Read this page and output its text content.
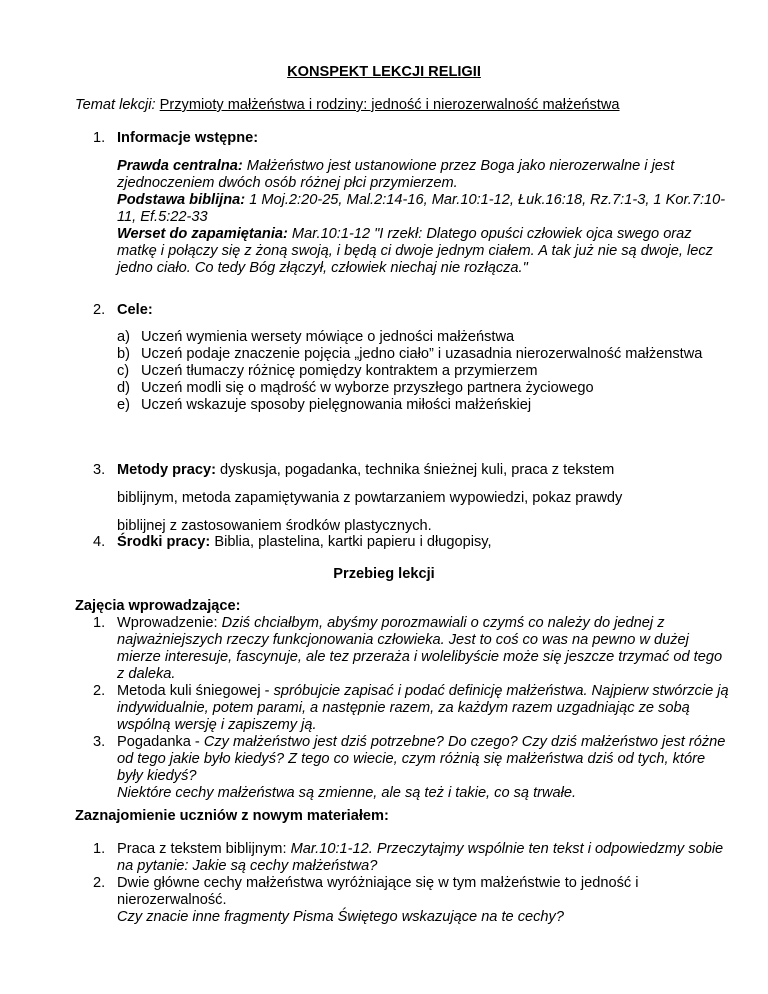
KONSPEKT LEKCJI RELIGII
Temat lekcji: Przymioty małżeństwa i rodziny: jedność i nierozerwalność małżeństwa
1. Informacje wstępne:
Prawda centralna: Małżeństwo jest ustanowione przez Boga jako nierozerwalne i jest zjednoczeniem dwóch osób różnej płci przymierzem.
Podstawa biblijna: 1 Moj.2:20-25, Mal.2:14-16, Mar.10:1-12, Łuk.16:18, Rz.7:1-3, 1 Kor.7:10-11, Ef.5:22-33
Werset do zapamiętania: Mar.10:1-12 "I rzekł: Dlatego opuści człowiek ojca swego oraz matkę i połączy się z żoną swoją, i będą ci dwoje jednym ciałem. A tak już nie są dwoje, lecz jedno ciało. Co tedy Bóg złączył, człowiek niechaj nie rozłącza."
2. Cele:
a) Uczeń wymienia wersety mówiące o jedności małżeństwa
b) Uczeń podaje znaczenie pojęcia „jedno ciało” i uzasadnia nierozerwalność małżenstwa
c) Uczeń tłumaczy różnicę pomiędzy kontraktem a przymierzem
d) Uczeń modli się o mądrość w wyborze przyszłego partnera życiowego
e) Uczeń wskazuje sposoby pielęgnowania miłości małżeńskiej
3. Metody pracy: dyskusja, pogadanka, technika śnieżnej kuli, praca z tekstem
biblijnym, metoda zapamiętywania z powtarzaniem wypowiedzi, pokaz prawdy
biblijnej z zastosowaniem środków plastycznych.
4. Środki pracy: Biblia, plastelina, kartki papieru i długopisy,
Przebieg lekcji
Zajęcia wprowadzające:
1. Wprowadzenie: Dziś chciałbym, abyśmy porozmawiali o czymś co należy do jednej z najważniejszych rzeczy funkcjonowania człowieka. Jest to coś co was na pewno w dużej mierze interesuje, fascynuje, ale tez przeraża i wolelibyście może się jeszcze trzymać od tego z daleka.
2. Metoda kuli śniegowej - spróbujcie zapisać i podać definicję małżeństwa. Najpierw stwórzcie ją indywidualnie, potem parami, a następnie razem, za każdym razem uzgadniając ze sobą wspólną wersję i zapiszemy ją.
3. Pogadanka - Czy małżeństwo jest dziś potrzebne? Do czego? Czy dziś małżeństwo jest różne od tego jakie było kiedyś? Z tego co wiecie, czym różnią się małżeństwa dziś od tych, które były kiedyś?
Niektóre cechy małżeństwa są zmienne, ale są też i takie, co są trwałe.
Zaznajomienie uczniów z nowym materiałem:
1. Praca z tekstem biblijnym: Mar.10:1-12. Przeczytajmy wspólnie ten tekst i odpowiedzmy sobie na pytanie: Jakie są cechy małżeństwa?
2. Dwie główne cechy małżeństwa wyróżniające się w tym małżeństwie to jedność i nierozerwalność.
Czy znacie inne fragmenty Pisma Świętego wskazujące na te cechy?
